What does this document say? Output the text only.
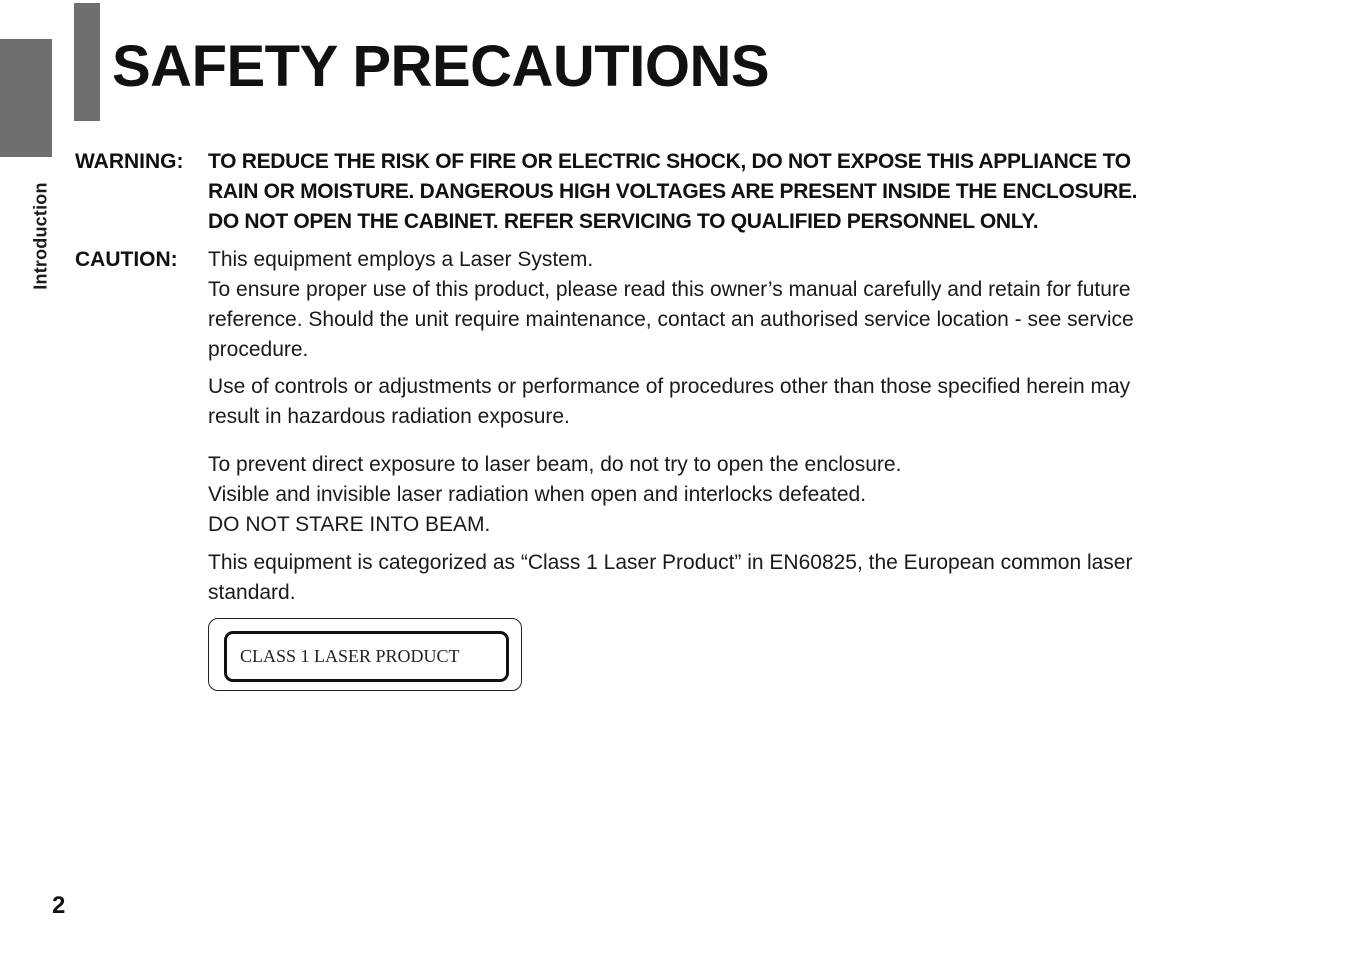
Introduction
SAFETY PRECAUTIONS
WARNING: TO REDUCE THE RISK OF FIRE OR ELECTRIC SHOCK, DO NOT EXPOSE THIS APPLIANCE TO
RAIN OR MOISTURE. DANGEROUS HIGH VOLTAGES ARE PRESENT INSIDE THE ENCLOSURE.
DO NOT OPEN THE CABINET. REFER SERVICING TO QUALIFIED PERSONNEL ONLY.

CAUTION: This equipment employs a Laser System.
To ensure proper use of this product, please read this owner’s manual carefully and retain for future
reference. Should the unit require maintenance, contact an authorised service location - see service
procedure.

Use of controls or adjustments or performance of procedures other than those specified herein may
result in hazardous radiation exposure.

To prevent direct exposure to laser beam, do not try to open the enclosure.
Visible and invisible laser radiation when open and interlocks defeated.
DO NOT STARE INTO BEAM.

This equipment is categorized as “Class 1 Laser Product” in EN60825, the European common laser
standard.

CLASS 1 LASER PRODUCT
2
